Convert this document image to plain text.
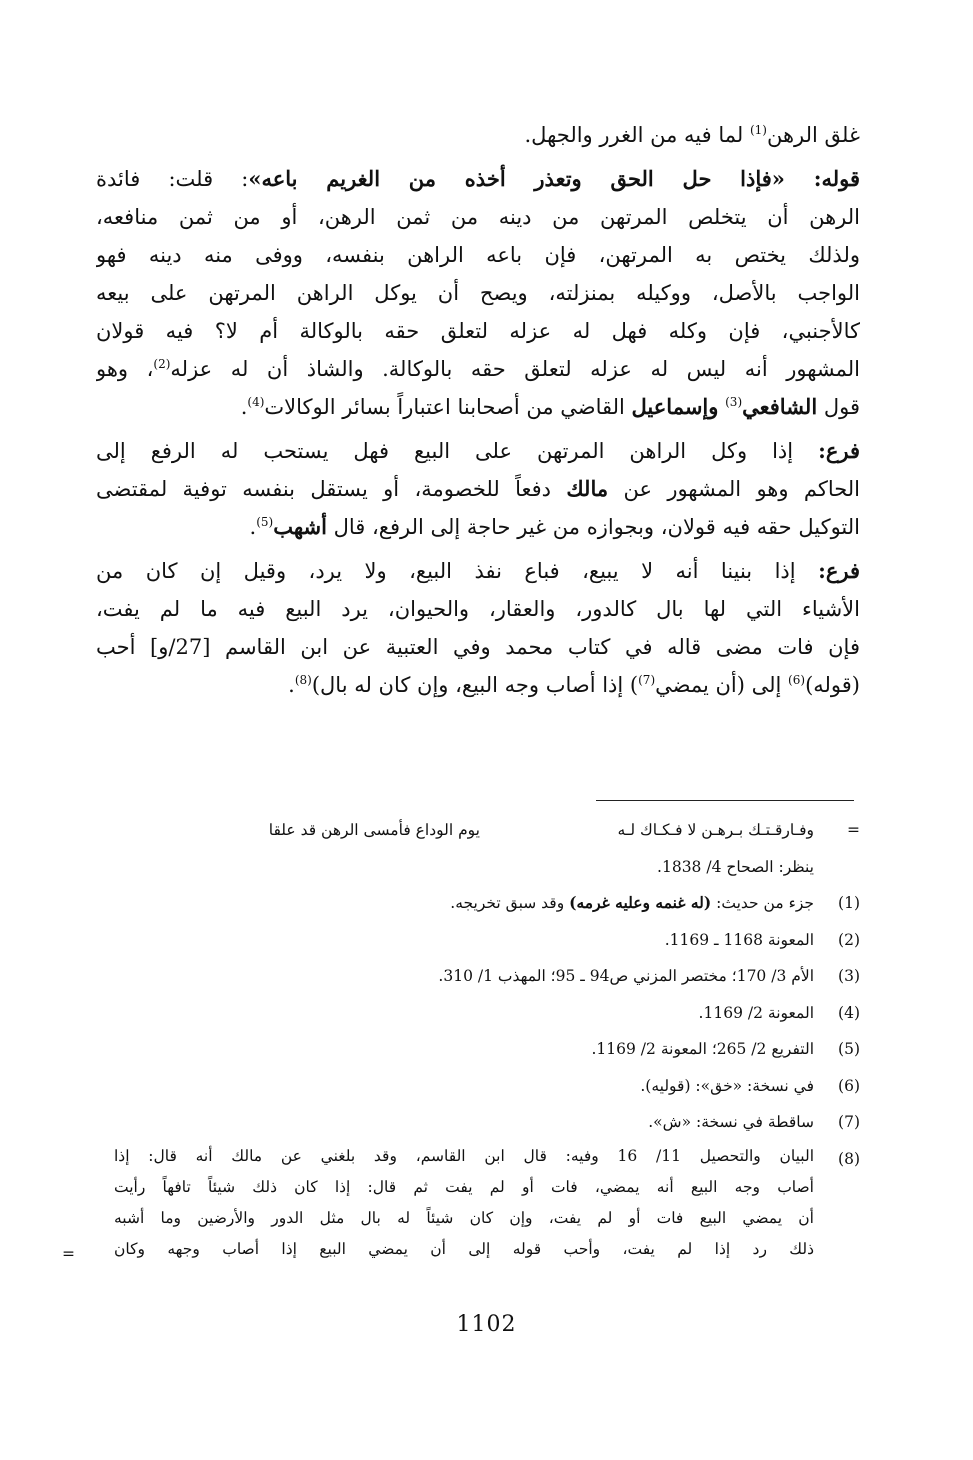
غلق الرهن$^{(1)}$ لما فيه من الغرر والجهل.
قوله: «فإذا حل الحق وتعذر أخذه من الغريم باعه»: قلت: فائدة
الرهن أن يتخلص المرتهن من دينه من ثمن الرهن، أو من ثمن منافعه،
ولذلك يختص به المرتهن، فإن باعه الراهن بنفسه، ووفى منه دينه فهو
الواجب بالأصل، ووكيله بمنزلته، ويصح أن يوكل الراهن المرتهن على بيعه
كالأجنبي، فإن وكله فهل له عزله لتعلق حقه بالوكالة أم لا؟ فيه قولان
المشهور أنه ليس له عزله لتعلق حقه بالوكالة. والشاذ أن له عزله$^{(2)}$، وهو
قول الشافعي$^{(3)}$ وإسماعيل القاضي من أصحابنا اعتباراً بسائر الوكالات$^{(4)}$.
فرع: إذا وكل الراهن المرتهن على البيع فهل يستحب له الرفع إلى
الحاكم وهو المشهور عن مالك دفعاً للخصومة، أو يستقل بنفسه توفية لمقتضى
التوكيل حقه فيه قولان، وبجوازه من غير حاجة إلى الرفع، قال أشهب$^{(5)}$.
فرع: إذا بنينا أنه لا يبيع، فباع نفذ البيع، ولا يرد، وقيل إن كان من
الأشياء التي لها بال كالدور، والعقار، والحيوان، يرد البيع فيه ما لم يفت،
فإن فات مضى قاله في كتاب محمد وفي العتبية عن ابن القاسم [27/و] أحب
(قوله)$^{(6)}$ إلى (أن يمضي$^{(7)}$) إذا أصاب وجه البيع، وإن كان له بال)$^{(8)}$.
=
وفـارقـتـك بـرهـن لا فـكـاك لـه
يوم الوداع فأمسى الرهن قد علقا
ينظر: الصحاح 4/ 1838.
(1)
جزء من حديث: (له غنمه وعليه غرمه) وقد سبق تخريجه.
(2)
المعونة 1168 ـ 1169.
(3)
الأم 3/ 170؛ مختصر المزني ص94 ـ 95؛ المهذب 1/ 310.
(4)
المعونة 2/ 1169.
(5)
التفريع 2/ 265؛ المعونة 2/ 1169.
(6)
في نسخة: «خق»: (قوليه).
(7)
ساقطة في نسخة: «ش».
(8)
البيان والتحصيل 11/ 16 وفيه: قال ابن القاسم، وقد بلغني عن مالك أنه قال: إذا
أصاب وجه البيع أنه يمضي، فات أو لم يفت ثم قال: إذا كان ذلك شيئاً تافهاً رأيت
أن يمضي البيع فات أو لم يفت، وإن كان شيئاً له بال مثل الدور والأرضين وما أشبه
ذلك رد إذا لم يفت، وأحب قوله إلى أن يمضي البيع إذا أصاب وجهه وكان
=
1102
